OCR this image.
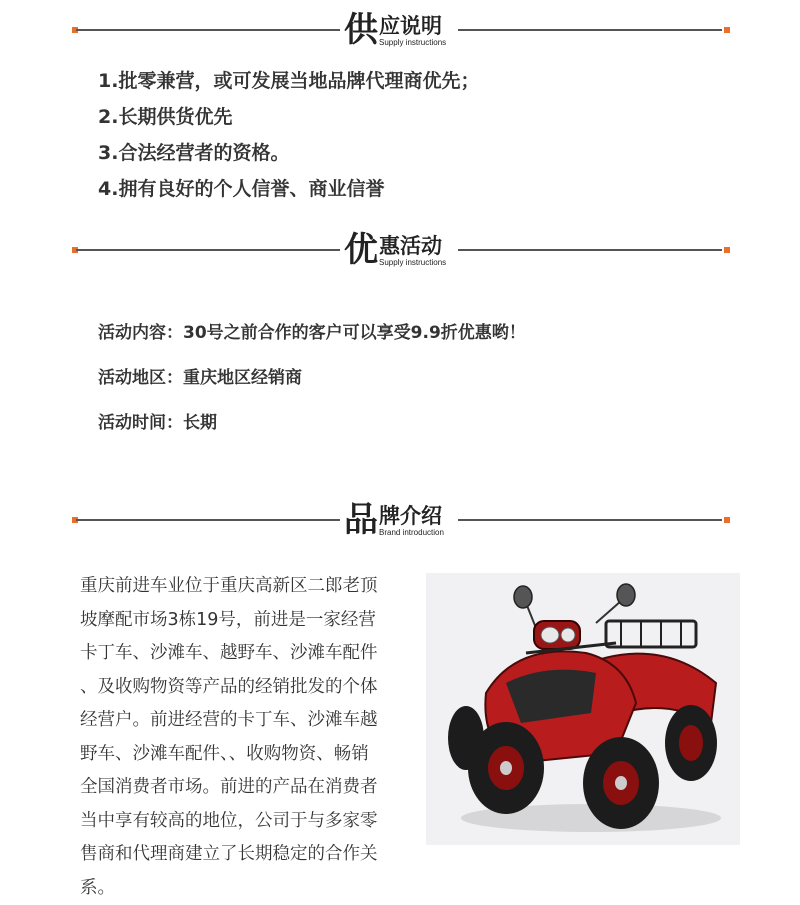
供 应说明
Supply instructions
1.批零兼营，或可发展当地品牌代理商优先；
2.长期供货优先
3.合法经营者的资格。
4.拥有良好的个人信誉、商业信誉
优 惠活动
Supply instructions
活动内容：30号之前合作的客户可以享受9.9折优惠哟！
活动地区：重庆地区经销商
活动时间：长期
品 牌介绍
Brand introduction

重庆前进车业位于重庆高新区二郎老顶

坡摩配市场3栋19号，前进是一家经营

卡丁车、沙滩车、越野车、沙滩车配件

、及收购物资等产品的经销批发的个体

经营户。前进经营的卡丁车、沙滩车越

野车、沙滩车配件、、收购物资、畅销

全国消费者市场。前进的产品在消费者

当中享有较高的地位，公司于与多家零

售商和代理商建立了长期稳定的合作关

系。
